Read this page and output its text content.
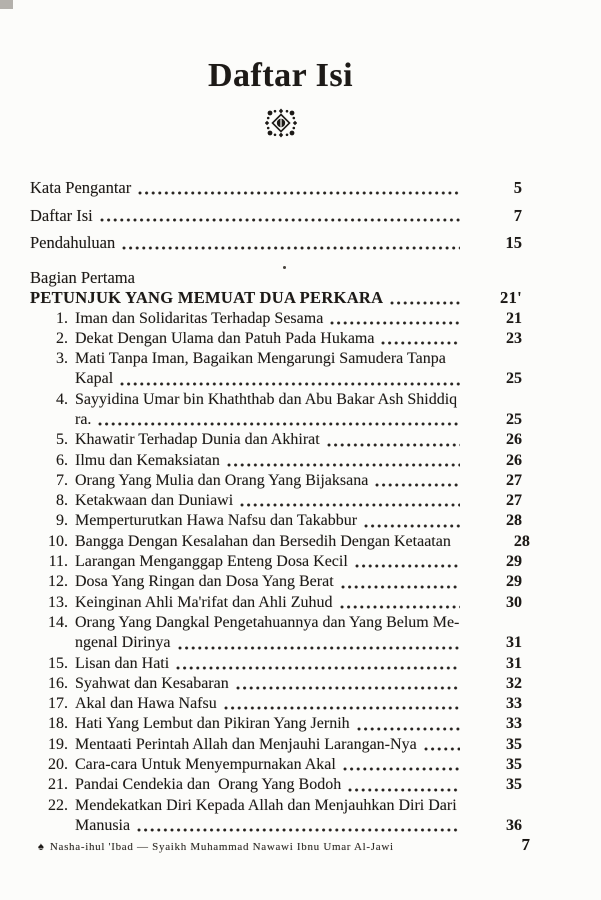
Daftar Isi
Kata Pengantar	5
Daftar Isi	7
Pendahuluan	15
Bagian Pertama
PETUNJUK YANG MEMUAT DUA PERKARA	21'
1. Iman dan Solidaritas Terhadap Sesama	21
2. Dekat Dengan Ulama dan Patuh Pada Hukama	23
3. Mati Tanpa Iman, Bagaikan Mengarungi Samudera Tanpa
Kapal	25
4. Sayyidina Umar bin Khaththab dan Abu Bakar Ash Shiddiq
ra.	25
5. Khawatir Terhadap Dunia dan Akhirat	26
6. Ilmu dan Kemaksiatan	26
7. Orang Yang Mulia dan Orang Yang Bijaksana	27
8. Ketakwaan dan Duniawi	27
9. Memperturutkan Hawa Nafsu dan Takabbur	28
10. Bangga Dengan Kesalahan dan Bersedih Dengan Ketaatan	28
11. Larangan Menganggap Enteng Dosa Kecil	29
12. Dosa Yang Ringan dan Dosa Yang Berat	29
13. Keinginan Ahli Ma'rifat dan Ahli Zuhud	30
14. Orang Yang Dangkal Pengetahuannya dan Yang Belum Me-
ngenal Dirinya	31
15. Lisan dan Hati	31
16. Syahwat dan Kesabaran	32
17. Akal dan Hawa Nafsu	33
18. Hati Yang Lembut dan Pikiran Yang Jernih	33
19. Mentaati Perintah Allah dan Menjauhi Larangan-Nya	35
20. Cara-cara Untuk Menyempurnakan Akal	35
21. Pandai Cendekia dan  Orang Yang Bodoh	35
22. Mendekatkan Diri Kepada Allah dan Menjauhkan Diri Dari
Manusia	36
♠ Nasha-ihul 'Ibad — Syaikh Muhammad Nawawi Ibnu Umar Al-Jawi	7
